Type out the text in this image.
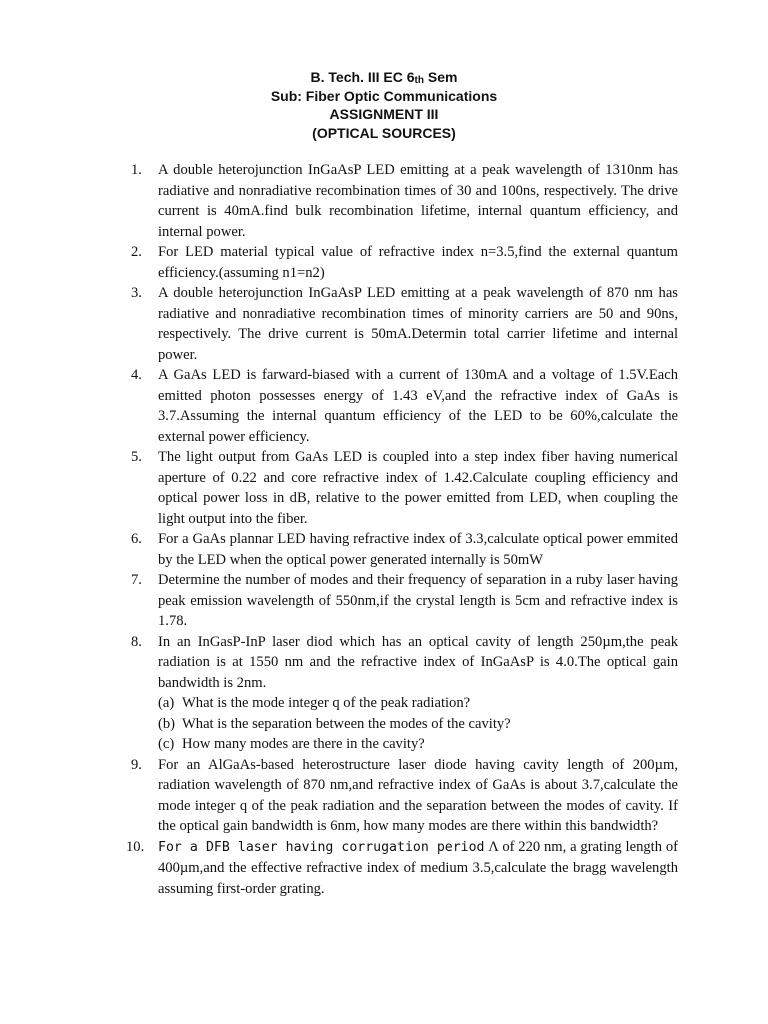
B. Tech. III EC $6_{th}$ Sem
Sub: Fiber Optic Communications
ASSIGNMENT III
(OPTICAL SOURCES)
1.	A double heterojunction InGaAsP LED emitting at a peak wavelength of 1310nm has radiative and nonradiative recombination times of 30 and 100ns, respectively. The drive current is 40mA.find bulk recombination lifetime, internal quantum efficiency, and internal power.
2.	For LED material typical value of refractive index n=3.5,find the external quantum efficiency.(assuming n1=n2)
3.	A double heterojunction InGaAsP LED emitting at a peak wavelength of 870 nm has radiative and nonradiative recombination times of minority carriers are 50 and 90ns, respectively. The drive current is 50mA.Determin total carrier lifetime and internal power.
4.	A GaAs LED is farward-biased with a current of 130mA and a voltage of 1.5V.Each emitted photon possesses energy of 1.43 eV,and the refractive index of GaAs is 3.7.Assuming the internal quantum efficiency of the LED to be 60%,calculate the external power efficiency.
5.	The light output from GaAs LED is coupled into a step index fiber having numerical aperture of 0.22 and core refractive index of 1.42.Calculate coupling efficiency and optical power loss in dB, relative to the power emitted from LED, when coupling the light output into the fiber.
6.	For a GaAs plannar LED having refractive index of 3.3,calculate optical power emmited by the LED when the optical power generated internally is 50mW
7.	Determine the number of modes and their frequency of separation in a ruby laser having peak emission wavelength of 550nm,if the crystal length is 5cm and refractive index is 1.78.
8.	In an InGasP-InP laser diod which has an optical cavity of length 250µm,the peak radiation is at 1550 nm and the refractive index of InGaAsP is 4.0.The optical gain bandwidth is 2nm.
(a) What is the mode integer q of the peak radiation?
(b) What is the separation between the modes of the cavity?
(c) How many modes are there in the cavity?
9.	For an AlGaAs-based heterostructure laser diode having cavity length of 200µm, radiation wavelength of 870 nm,and refractive index of GaAs is about 3.7,calculate the mode integer q of the peak radiation and the separation between the modes of cavity. If the optical gain bandwidth is 6nm, how many modes are there within this bandwidth?
10. For a DFB laser having corrugation period Λ of 220 nm, a grating length of 400µm,and the effective refractive index of medium 3.5,calculate the bragg wavelength assuming first-order grating.
